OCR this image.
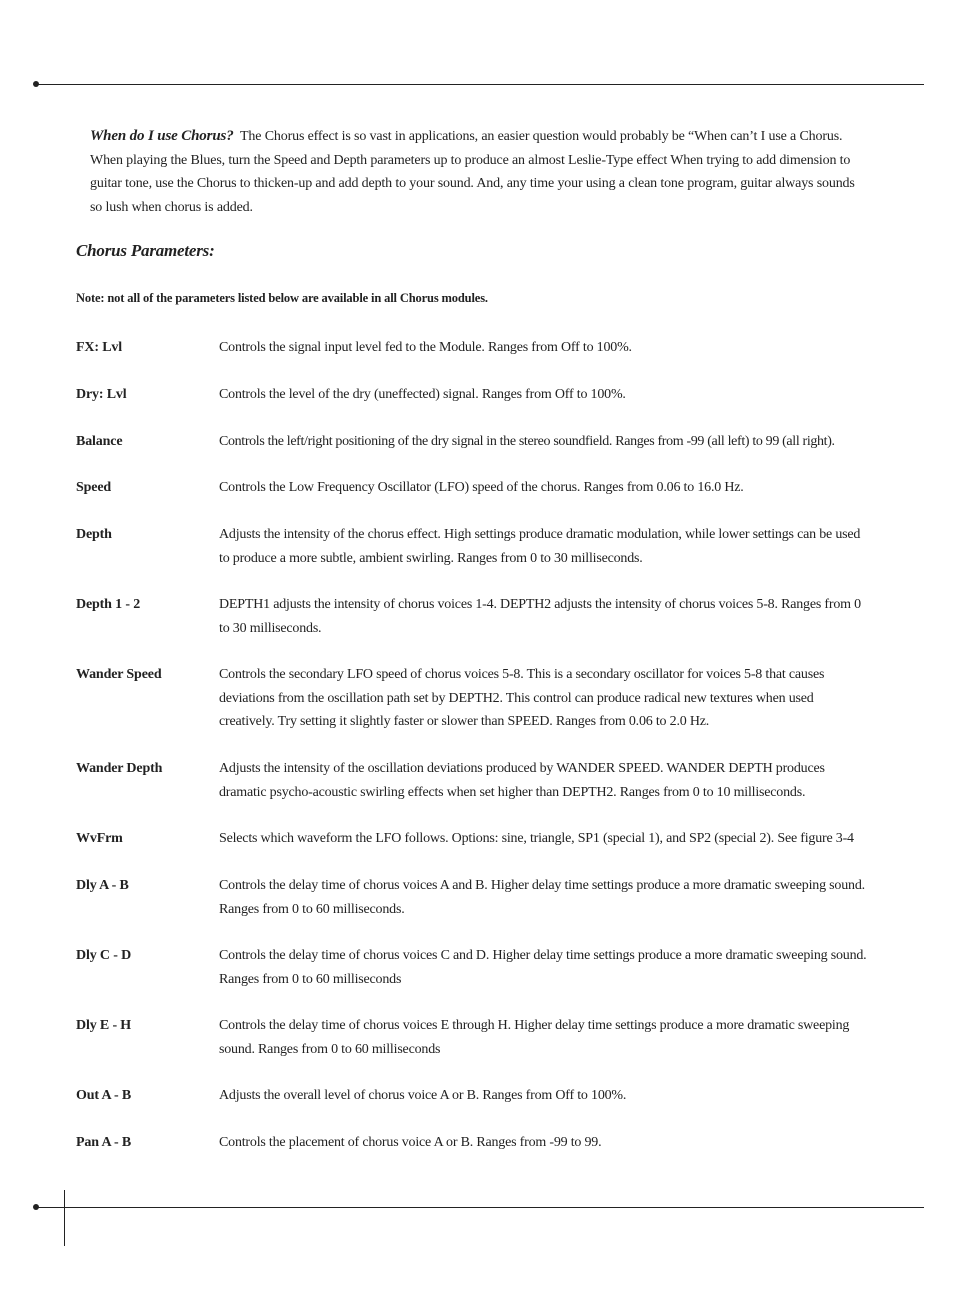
When do I use Chorus? The Chorus effect is so vast in applications, an easier question would probably be “When can’t I use a Chorus. When playing the Blues, turn the Speed and Depth parameters up to produce an almost Leslie-Type effect When trying to add dimension to guitar tone, use the Chorus to thicken-up and add depth to your sound. And, any time your using a clean tone program, guitar always sounds so lush when chorus is added.
Chorus Parameters:
Note: not all of the parameters listed below are available in all Chorus modules.
FX: Lvl	Controls the signal input level fed to the Module. Ranges from Off to 100%.
Dry: Lvl	Controls the level of the dry (uneffected) signal. Ranges from Off to 100%.
Balance	Controls the left/right positioning of the dry signal in the stereo soundfield. Ranges from -99 (all left) to 99 (all right).
Speed	Controls the Low Frequency Oscillator (LFO) speed of the chorus. Ranges from 0.06 to 16.0 Hz.
Depth	Adjusts the intensity of the chorus effect. High settings produce dramatic modulation, while lower settings can be used to produce a more subtle, ambient swirling. Ranges from 0 to 30 milliseconds.
Depth 1 - 2	DEPTH1 adjusts the intensity of chorus voices 1-4. DEPTH2 adjusts the intensity of chorus voices 5-8. Ranges from 0 to 30 milliseconds.
Wander Speed	Controls the secondary LFO speed of chorus voices 5-8. This is a secondary oscillator for voices 5-8 that causes deviations from the oscillation path set by DEPTH2. This control can produce radical new textures when used creatively. Try setting it slightly faster or slower than SPEED. Ranges from 0.06 to 2.0 Hz.
Wander Depth	Adjusts the intensity of the oscillation deviations produced by WANDER SPEED. WANDER DEPTH produces dramatic psycho-acoustic swirling effects when set higher than DEPTH2. Ranges from 0 to 10 milliseconds.
WvFrm	Selects which waveform the LFO follows. Options: sine, triangle, SP1 (special 1), and SP2 (special 2). See figure 3-4
Dly A - B	Controls the delay time of chorus voices A and B. Higher delay time settings produce a more dramatic sweeping sound. Ranges from 0 to 60 milliseconds.
Dly C - D	Controls the delay time of chorus voices C and D. Higher delay time settings produce a more dramatic sweeping sound. Ranges from 0 to 60 milliseconds
Dly E - H	Controls the delay time of chorus voices E through H. Higher delay time settings produce a more dramatic sweeping sound. Ranges from 0 to 60 milliseconds
Out A - B	Adjusts the overall level of chorus voice A or B. Ranges from Off to 100%.
Pan A - B	Controls the placement of chorus voice A or B. Ranges from -99 to 99.
